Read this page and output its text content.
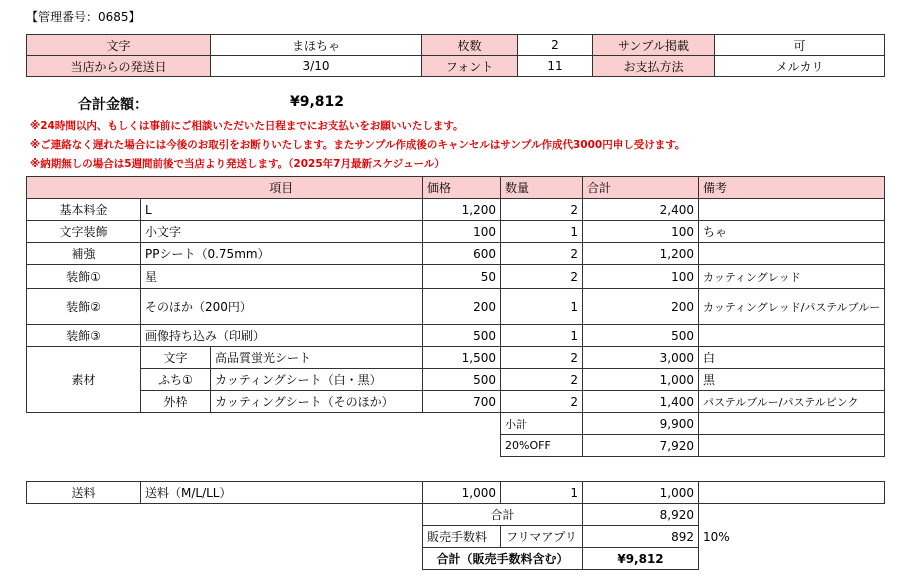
【管理番号：0685】
文字	まほちゃ	枚数	2	サンプル掲載	可
当店からの発送日	3/10	フォント	11	お支払方法	メルカリ
合計金額：	¥9,812
※24時間以内、もしくは事前にご相談いただいた日程までにお支払いをお願いいたします。
※ご連絡なく遅れた場合には今後のお取引をお断りいたします。またサンプル作成後のキャンセルはサンプル作成代3000円申し受けます。
※納期無しの場合は5週間前後で当店より発送します。（2025年7月最新スケジュール）
	項目		価格	数量	合計	備考
基本料金	L		1,200	2	2,400	
文字装飾	小文字		100	1	100	ちゃ
補強	PPシート（0.75mm）		600	2	1,200	
装飾①	星		50	2	100	カッティングレッド
装飾②	そのほか（200円）		200	1	200	カッティングレッド/パステルブルー
装飾③	画像持ち込み（印刷）		500	1	500	
素材	文字	高品質蛍光シート	1,500	2	3,000	白
	ふち①	カッティングシート（白・黒）	500	2	1,000	黒
	外枠	カッティングシート（そのほか）	700	2	1,400	パステルブルー/パステルピンク
				小計	9,900	
				20%OFF	7,920	
送料	送料（M/L/LL）	1,000	1	1,000	
		合計		8,920	
		販売手数料	フリマアプリ	892	10%
		合計（販売手数料含む）		¥9,812	
